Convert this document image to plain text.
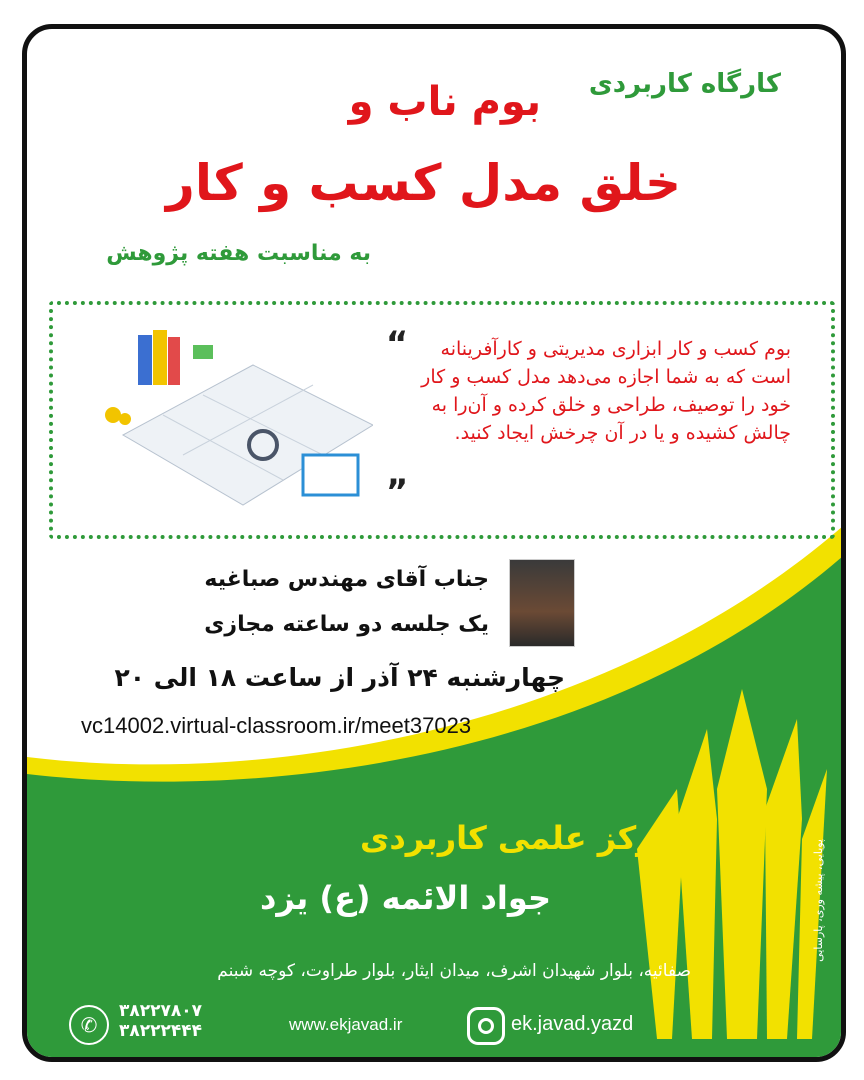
کارگاه کاربردی
بوم ناب و
خلق مدل کسب و کار
به مناسبت هفته پژوهش
“	بوم کسب و کار ابزاری مدیریتی و کارآفرینانه است که به شما اجازه می‌دهد مدل کسب و کار خود را توصیف، طراحی و خلق کرده و آن‌را به چالش کشیده و یا در آن چرخش ایجاد کنید.
”
جناب آقای مهندس صباغیه
یک جلسه دو ساعته مجازی
چهارشنبه ۲۴ آذر از ساعت ۱۸ الی ۲۰
vc14002.virtual-classroom.ir/meet37023
مرکز علمی کاربردی
جواد الائمه (ع) یزد
صفائیه، بلوار شهیدان اشرف، میدان ایثار، بلوار طراوت، کوچه شبنم
✆
۳۸۲۲۷۸۰۷
۳۸۲۲۲۴۴۴	www.ekjavad.ir	ek.javad.yazd
پویایی، پیشه وری، پارسایی
